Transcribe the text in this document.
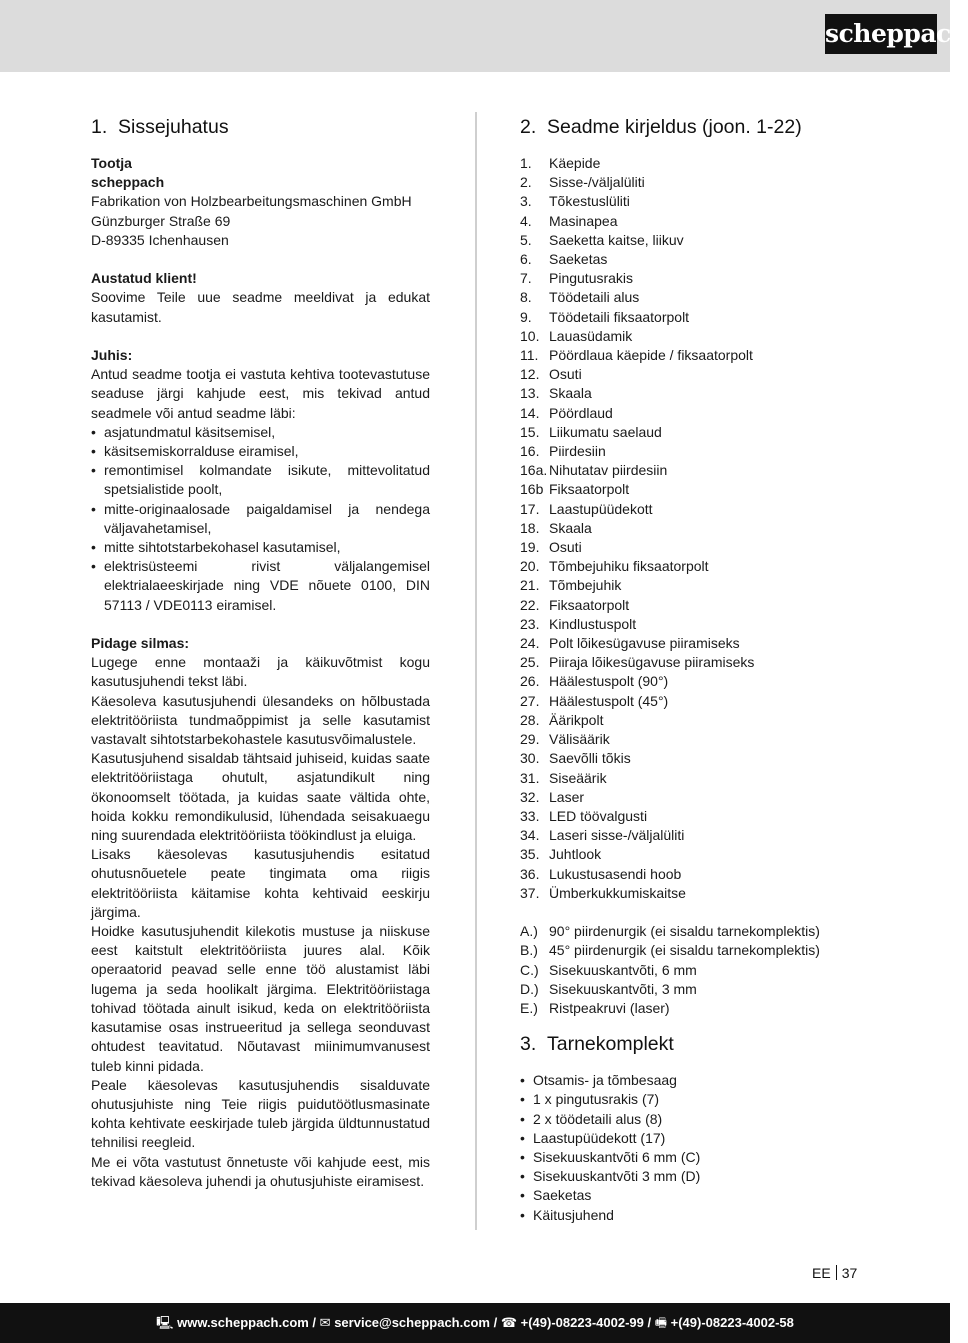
scheppach
1. Sissejuhatus
Tootja
scheppach
Fabrikation von Holzbearbeitungsmaschinen GmbH
Günzburger Straße 69
D-89335 Ichenhausen
Austatud klient!

Soovime Teile uue seadme meeldivat ja edukat kasutamist.

Juhis:

Antud seadme tootja ei vastuta kehtiva tootevastutuse seaduse järgi kahjude eest, mis tekivad antud seadmele või antud seadme läbi:

• asjatundmatul käsitsemisel,
• käsitsemiskorralduse eiramisel,
• remontimisel kolmandate isikute, mittevolitatud spetsialistide poolt,
• mitte-originaalosade paigaldamisel ja nendega väljavahetamisel,
• mitte sihtotstarbekohasel kasutamisel,
• elektrisüsteemi rivist väljalangemisel elektrialaeeskirjade ning VDE nõuete 0100, DIN 57113 / VDE0113 eiramisel.
Pidage silmas:

Lugege enne montaaži ja käikuvõtmist kogu kasutusjuhendi tekst läbi.

Käesoleva kasutusjuhendi ülesandeks on hõlbustada elektritööriista tundmaõppimist ja selle kasutamist vastavalt sihtotstarbekohastele kasutusvõimalustele.

Kasutusjuhend sisaldab tähtsaid juhiseid, kuidas saate elektritööriistaga ohutult, asjatundikult ning ökonoomselt töötada, ja kuidas saate vältida ohte, hoida kokku remondikulusid, lühendada seisakuaegu ning suurendada elektritööriista töökindlust ja eluiga.

Lisaks käesolevas kasutusjuhendis esitatud ohutusnõuetele peate tingimata oma riigis elektritööriista käitamise kohta kehtivaid eeskirju järgima.

Hoidke kasutusjuhendit kilekotis mustuse ja niiskuse eest kaitstult elektritööriista juures alal. Kõik operaatorid peavad selle enne töö alustamist läbi lugema ja seda hoolikalt järgima. Elektritööriistaga tohivad töötada ainult isikud, keda on elektritööriista kasutamise osas instrueeritud ja sellega seonduvast ohtudest teavitatud. Nõutavast miinimumvanusest tuleb kinni pidada.

Peale käesolevas kasutusjuhendis sisalduvate ohutusjuhiste ning Teie riigis puidutöötlusmasinate kohta kehtivate eeskirjade tuleb järgida üldtunnustatud tehnilisi reegleid.

Me ei võta vastutust õnnetuste või kahjude eest, mis tekivad käesoleva juhendi ja ohutusjuhiste eiramisest.

2. Seadme kirjeldus (joon. 1-22)
1.	Käepide
2.	Sisse-/väljalüliti
3.	Tõkestuslüliti
4.	Masinapea
5.	Saeketta kaitse, liikuv
6.	Saeketas
7.	Pingutusrakis
8.	Töödetaili alus
9.	Töödetaili fiksaatorpolt
10. Lauasüdamik
11. Pöördlaua käepide / fiksaatorpolt
12. Osuti
13. Skaala
14. Pöördlaud
15. Liikumatu saelaud
16. Piirdesiin
16a. Nihutatav piirdesiin
16b Fiksaatorpolt
17. Laastupüüdekott
18. Skaala
19. Osuti
20. Tõmbejuhiku fiksaatorpolt
21. Tõmbejuhik
22. Fiksaatorpolt
23. Kindlustuspolt
24. Polt lõikesügavuse piiramiseks
25. Piiraja lõikesügavuse piiramiseks
26. Häälestuspolt (90°)
27. Häälestuspolt (45°)
28. Äärikpolt
29. Välisäärik
30. Saevõlli tõkis
31. Siseäärik
32. Laser
33. LED töövalgusti
34. Laseri sisse-/väljalüliti
35. Juhtlook
36. Lukustusasendi hoob
37. Ümberkukkumiskaitse
A.) 90° piirdenurgik (ei sisaldu tarnekomplektis)
B.) 45° piirdenurgik (ei sisaldu tarnekomplektis)
C.) Sisekuuskantvõti, 6 mm
D.) Sisekuuskantvõti, 3 mm
E.) Ristpeakruvi (laser)
3. Tarnekomplekt
• Otsamis- ja tõmbesaag
• 1 x pingutusrakis (7)
• 2 x töödetaili alus (8)
• Laastupüüdekott (17)
• Sisekuuskantvõti 6 mm (C)
• Sisekuuskantvõti 3 mm (D)
• Saeketas
• Käitusjuhend
EE 37
🖳︎ www.scheppach.com / ✉︎ service@scheppach.com / ☎︎ +(49)-08223-4002-99 / 🖷︎ +(49)-08223-4002-58
